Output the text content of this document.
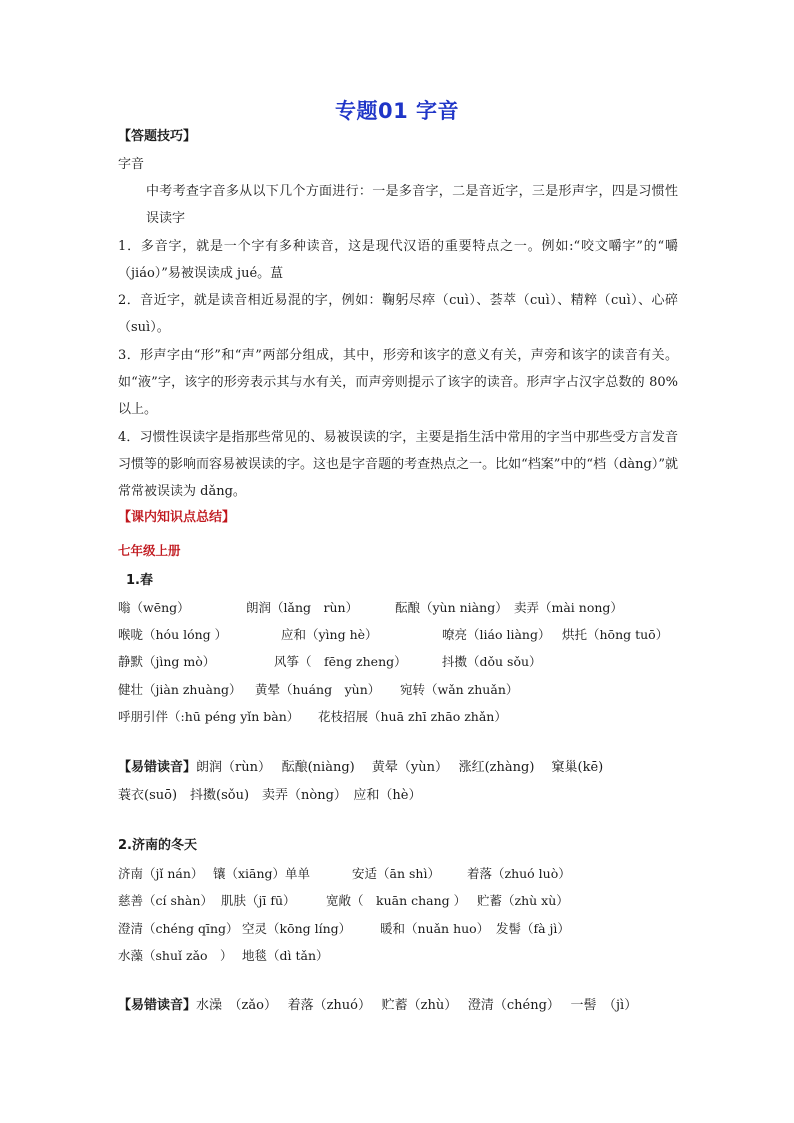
专题01 字音
【答题技巧】
字音
中考考查字音多从以下几个方面进行：一是多音字，二是音近字，三是形声字，四是习惯性误读字
1．多音字，就是一个字有多种读音，这是现代汉语的重要特点之一。例如:“咬文嚼字”的“嚼（jiáo）”易被误读成 jué。蒀
2．音近字，就是读音相近易混的字，例如：鞠躬尽瘁（cuì）、荟萃（cuì）、精粹（cuì）、心碎（suì）。
3．形声字由“形”和“声”两部分组成，其中，形旁和该字的意义有关，声旁和该字的读音有关。如“液”字，该字的形旁表示其与水有关，而声旁则提示了该字的读音。形声字占汉字总数的 80%以上。
4．习惯性误读字是指那些常见的、易被误读的字，主要是指生活中常用的字当中那些受方言发音习惯等的影响而容易被误读的字。这也是字音题的考查热点之一。比如“档案”中的“档（dàng）”就常常被误读为 dǎng。
【课内知识点总结】
七年级上册
1.春
嗡（wēng）	朗润（lǎng　rùn）	酝酿（yùn niàng） 卖弄（mài nong）
喉咙（hóu lóng ）	应和（yìng hè）	嘹亮（liáo liàng） 烘托（hōng tuō）
静默（jìng mò）	风筝（　fēng zheng）	抖擞（dǒu sǒu）
健壮（jiàn zhuàng） 黄晕（huáng　yùn） 宛转（wǎn zhuǎn）
呼朋引伴（:hū péng yǐn bàn） 花枝招展（huā zhī zhāo zhǎn）
【易错读音】朗润（rùn）　 酝酿(niàng)　 黄晕（yùn）　 涨红(zhàng)　 窠巢(kē)
蓑衣(suō)　抖擞(sǒu)　卖弄（nòng）　应和（hè）
2.济南的冬天
济南（jǐ nán） 镶（xiāng）单单	安适（ān shì） 着落（zhuó luò）
慈善（cí shàn） 肌肤（jī fū） 宽敞（　kuān chang ） 贮蓄（zhù xù）
澄清（chéng qīng） 空灵（kōng líng） 暖和（nuǎn huo） 发髻（fà jì）
水藻（shuǐ zǎo　） 地毯（dì tǎn）
【易错读音】水澡　（zǎo）　 着落（zhuó）　 贮蓄（zhù）　 澄清（chéng）　 一髻　（jì）
